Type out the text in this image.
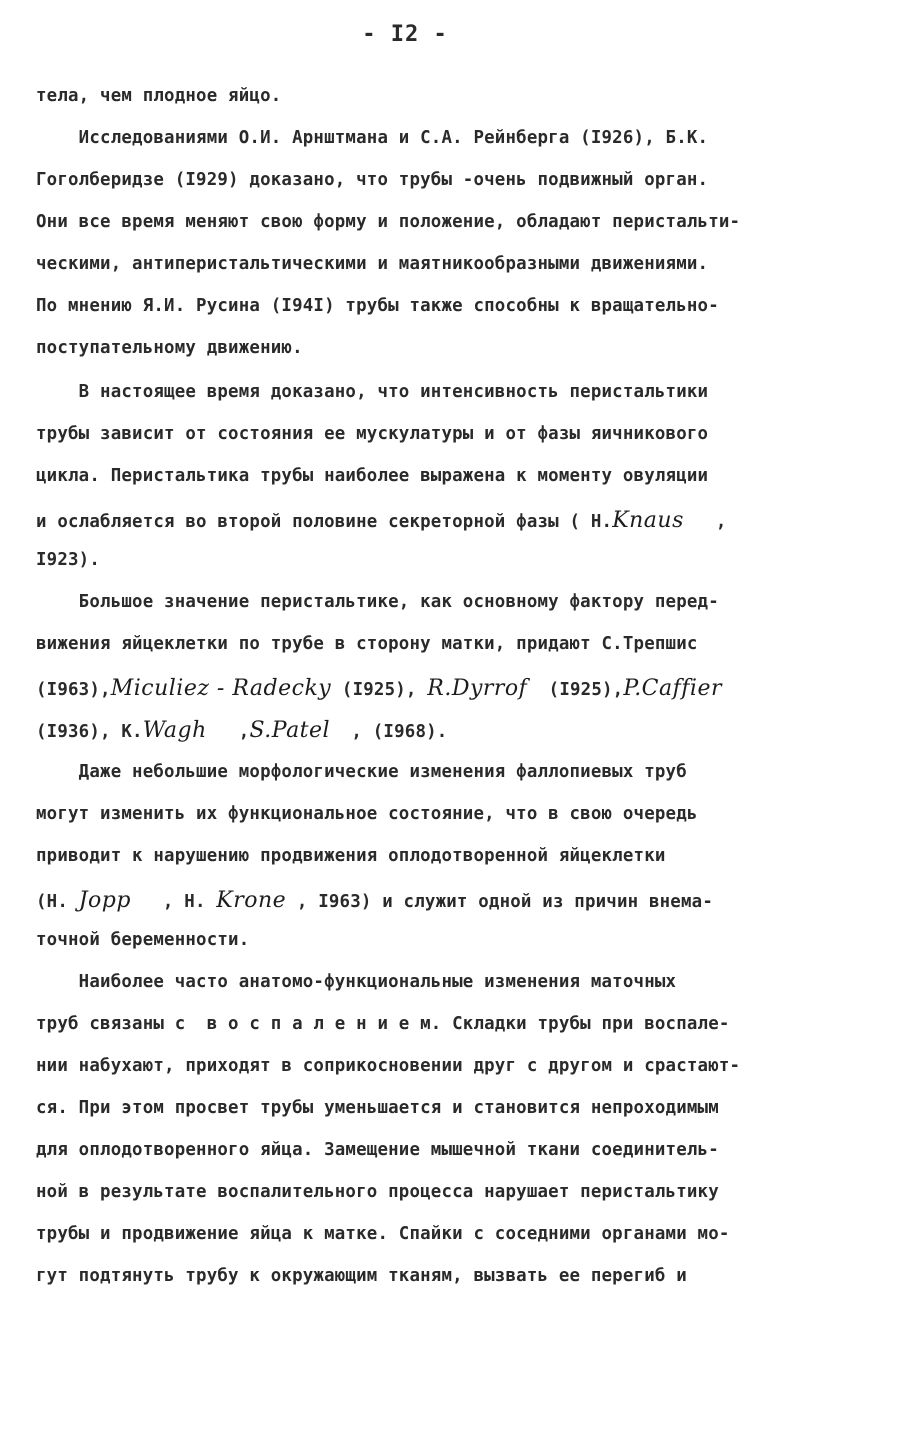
- I2 -
тела, чем плодное яйцо.
Исследованиями О.И. Арнштмана и С.А. Рейнберга (I926), Б.К.
Гоголберидзе (I929) доказано, что трубы -очень подвижный орган.
Они все время меняют свою форму и положение, обладают перистальти-
ческими, антиперистальтическими и маятникообразными движениями.
По мнению Я.И. Русина (I94I) трубы также способны к вращательно-
поступательному движению.
В настоящее время доказано, что интенсивность перистальтики
трубы зависит от состояния ее мускулатуры и от фазы яичникового
цикла. Перистальтика трубы наиболее выражена к моменту овуляции
и ослабляется во второй половине секреторной фазы ( Н.Knaus   ,
I923).
Большое значение перистальтике, как основному фактору перед-
вижения яйцеклетки по трубе в сторону матки, придают С.Трепшис
(I963),Miculiez - Radecky (I925), R.Dyrrof  (I925),P.Caffier
(I936), К.Wagh   ,S.Patel  , (I968).
Даже небольшие морфологические изменения фаллопиевых труб
могут изменить их функциональное состояние, что в свою очередь
приводит к нарушению продвижения оплодотворенной яйцеклетки
(Н. Jopp   , Н. Krone , I963) и служит одной из причин внема-
точной беременности.
Наиболее часто анатомо-функциональные изменения маточных
труб связаны с  в о с п а л е н и е м. Складки трубы при воспале-
нии набухают, приходят в соприкосновении друг с другом и срастают-
ся. При этом просвет трубы уменьшается и становится непроходимым
для оплодотворенного яйца. Замещение мышечной ткани соединитель-
ной в результате воспалительного процесса нарушает перистальтику
трубы и продвижение яйца к матке. Спайки с соседними органами мо-
гут подтянуть трубу к окружающим тканям, вызвать ее перегиб и
